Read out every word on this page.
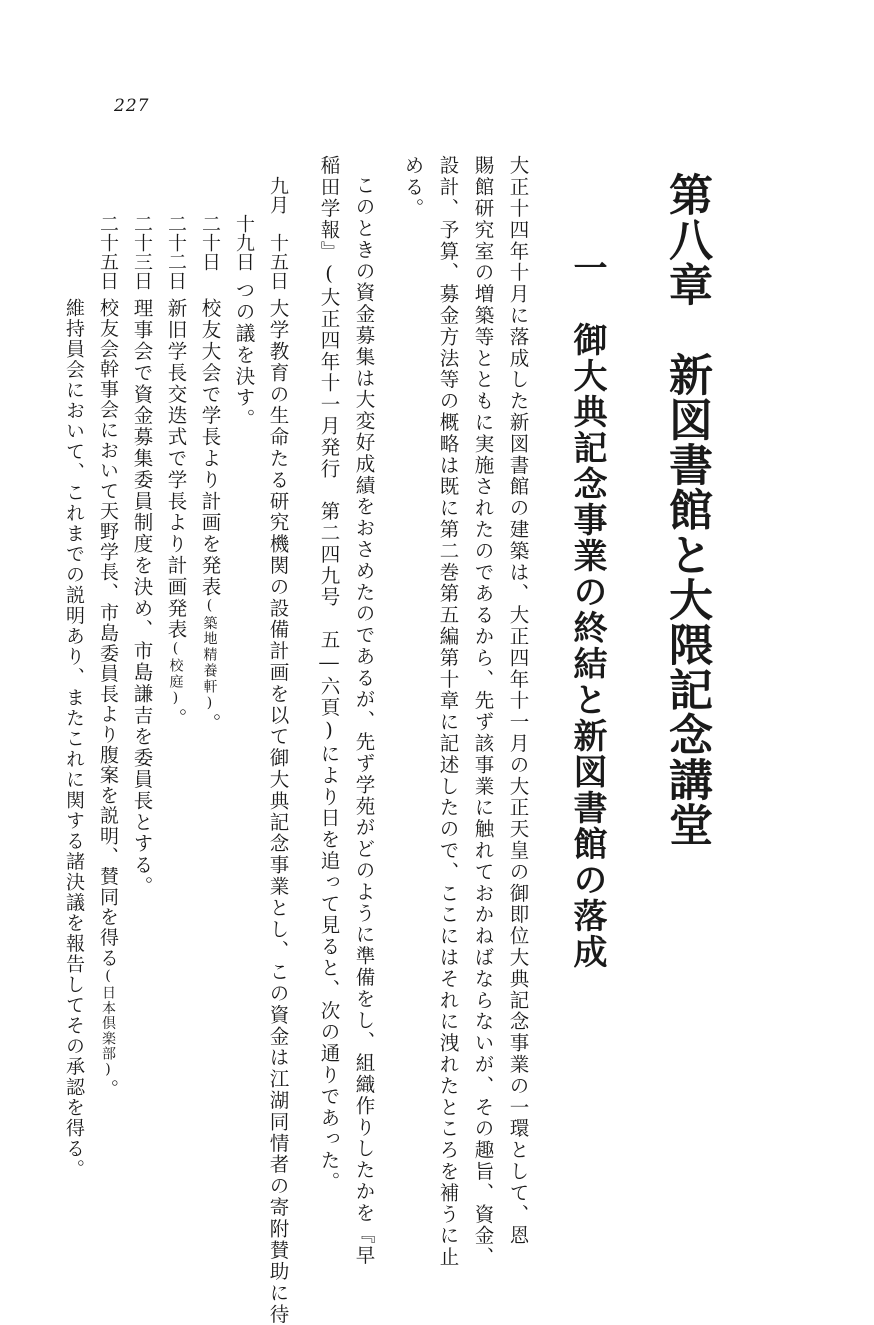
227
第八章　新図書館と大隈記念講堂
一　御大典記念事業の終結と新図書館の落成
大正十四年十月に落成した新図書館の建築は、大正四年十一月の大正天皇の御即位大典記念事業の一環として、恩
賜館研究室の増築等とともに実施されたのであるから、先ず該事業に触れておかねばならないが、その趣旨、資金、
設計、予算、募金方法等の概略は既に第二巻第五編第十章に記述したので、ここにはそれに洩れたところを補うに止
める。
このときの資金募集は大変好成績をおさめたのであるが、先ず学苑がどのように準備をし、組織作りしたかを『早
稲田学報』(大正四年十一月発行　第二四九号　五―六頁)により日を追って見ると、次の通りであった。
九月　十五日
十九日
二十日
二十二日
二十三日
二十五日
大学教育の生命たる研究機関の設備計画を以て御大典記念事業とし、この資金は江湖同情者の寄附賛助に待
つの議を決す。
校友大会で学長より計画を発表(築地精養軒)。
新旧学長交迭式で学長より計画発表(校庭)。
理事会で資金募集委員制度を決め、市島謙吉を委員長とする。
校友会幹事会において天野学長、市島委員長より腹案を説明、賛同を得る(日本倶楽部)。
維持員会において、これまでの説明あり、またこれに関する諸決議を報告してその承認を得る。
